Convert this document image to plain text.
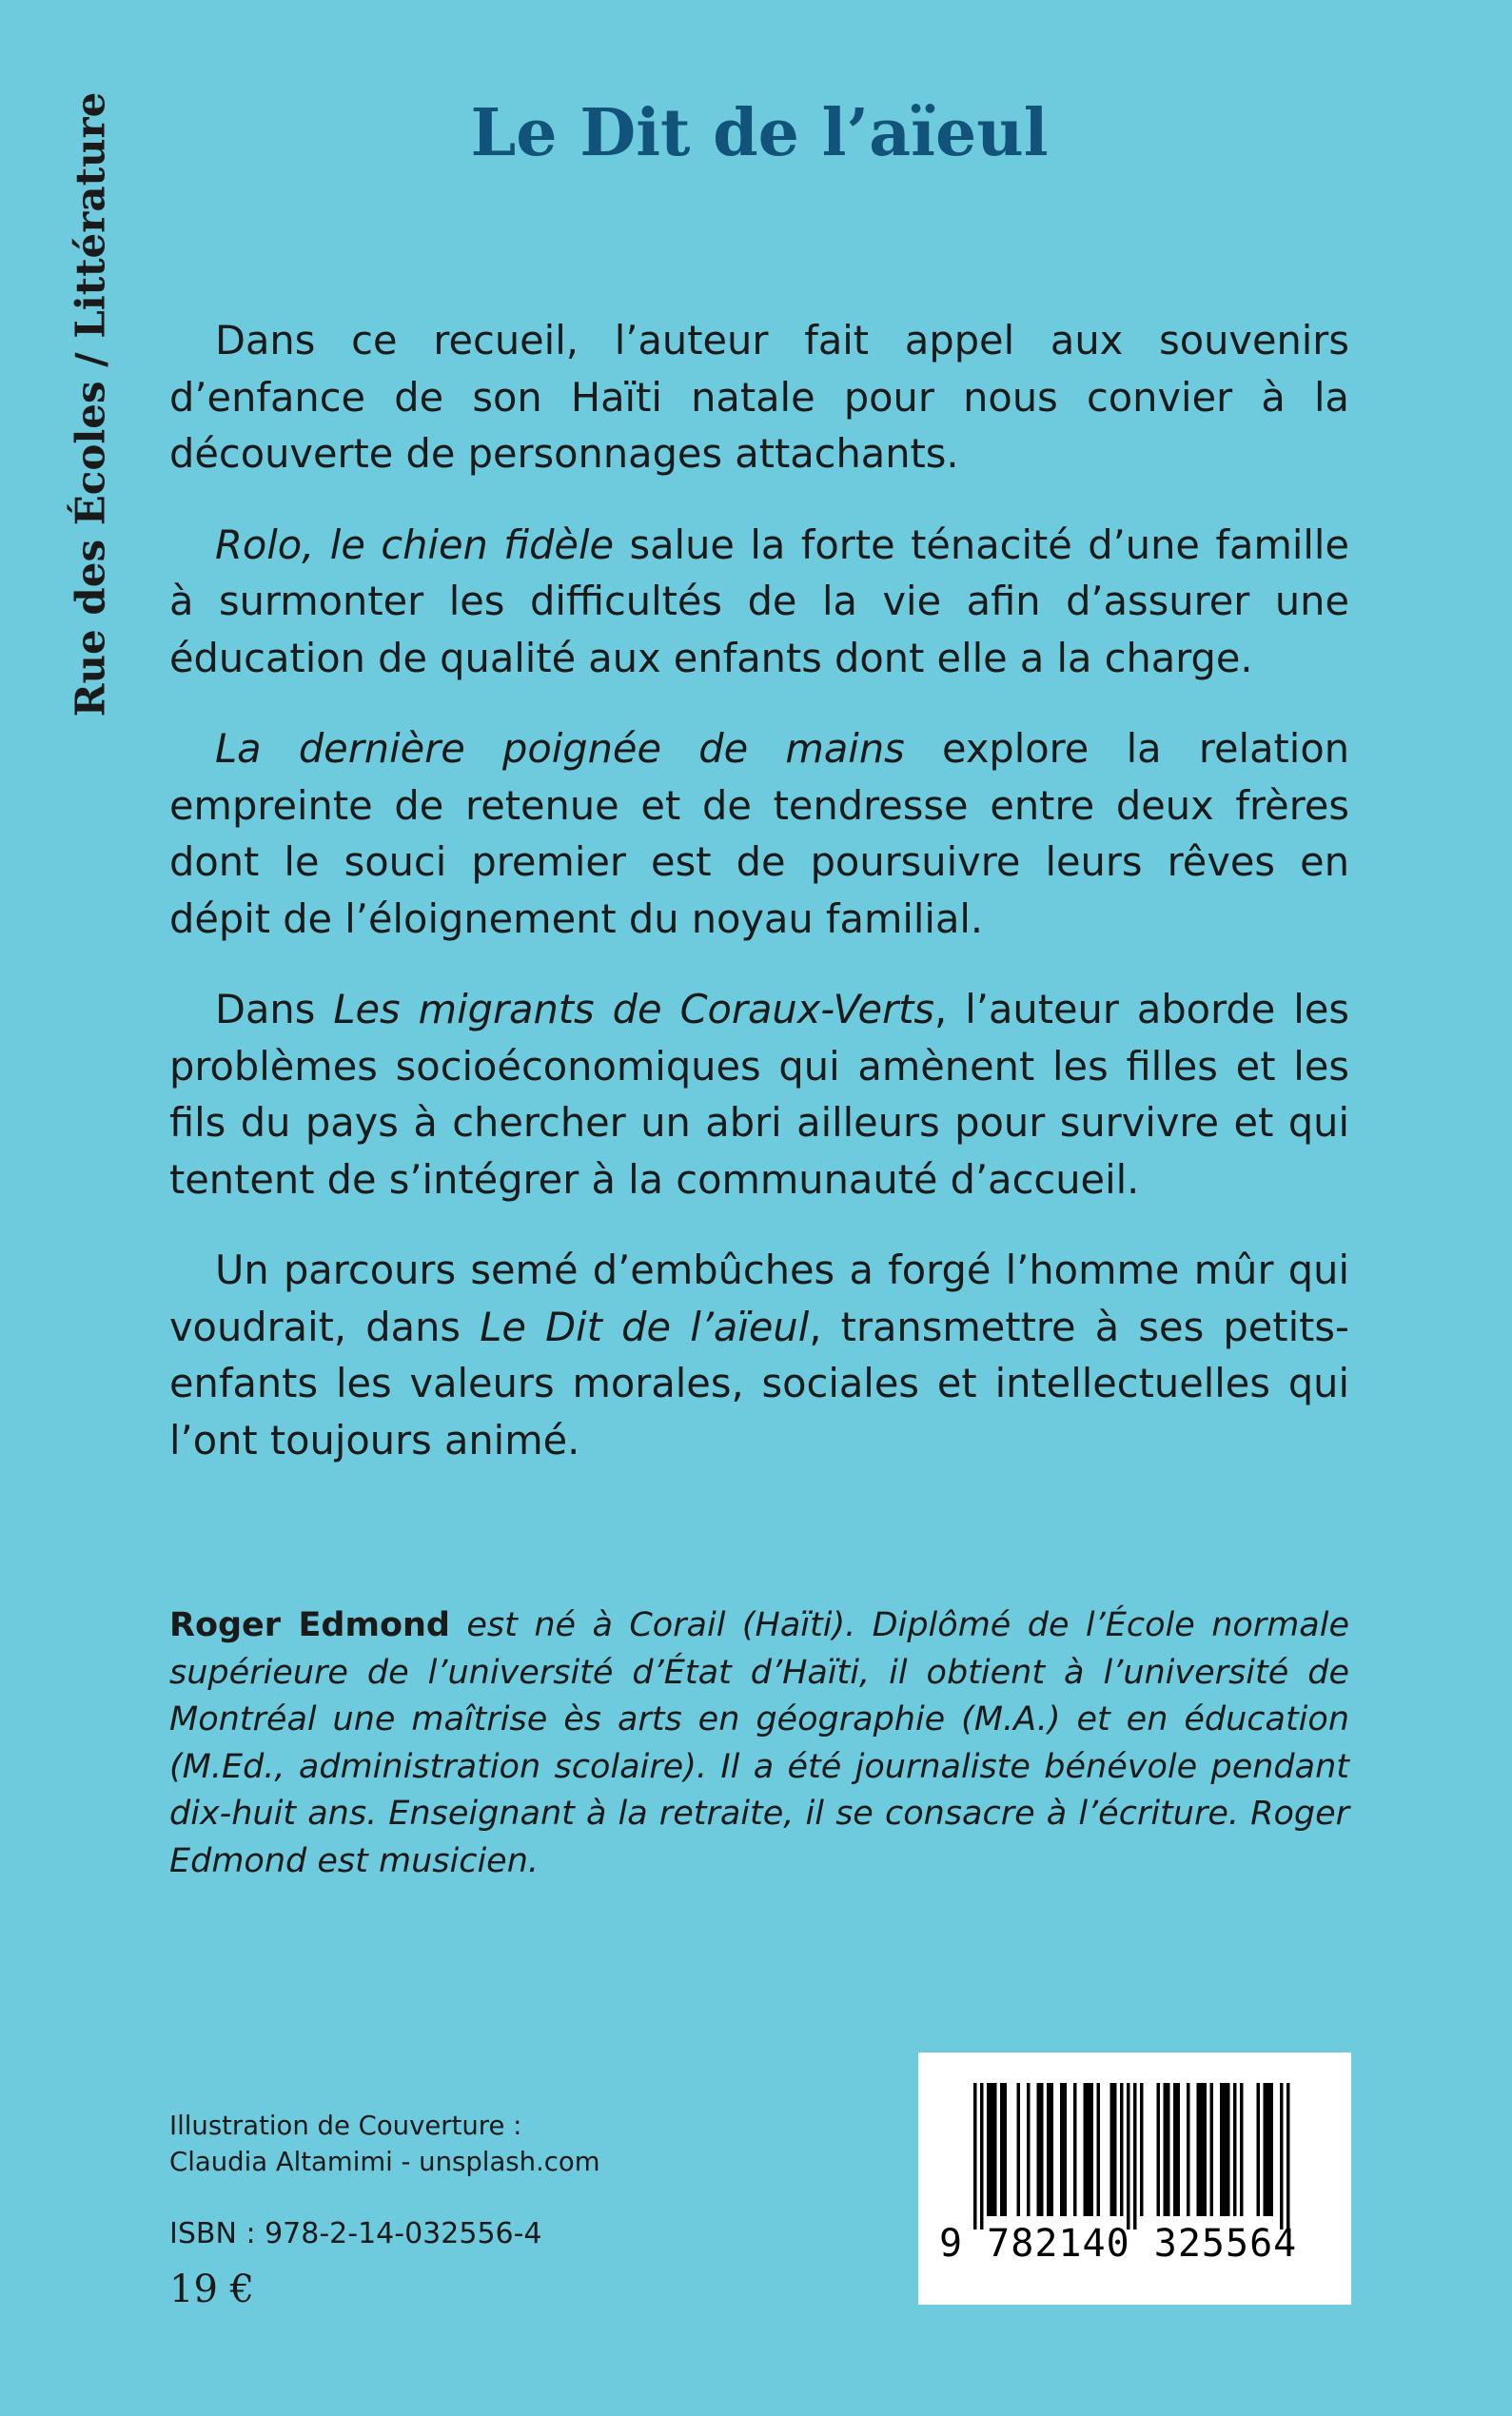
Rue des Écoles / Littérature	Le Dit de l’aïeul

Dans ce recueil, l’auteur fait appel aux souvenirs d’enfance de son Haïti natale pour nous convier à la découverte de personnages attachants.

Rolo, le chien fidèle salue la forte ténacité d’une famille à surmonter les difficultés de la vie afin d’assurer une éducation de qualité aux enfants dont elle a la charge.

La dernière poignée de mains explore la relation empreinte de retenue et de tendresse entre deux frères dont le souci premier est de poursuivre leurs rêves en dépit de l’éloignement du noyau familial.

Dans Les migrants de Coraux-Verts, l’auteur aborde les problèmes socioéconomiques qui amènent les filles et les fils du pays à chercher un abri ailleurs pour survivre et qui tentent de s’intégrer à la communauté d’accueil.

Un parcours semé d’embûches a forgé l’homme mûr qui voudrait, dans Le Dit de l’aïeul, transmettre à ses petits-enfants les valeurs morales, sociales et intellectuelles qui l’ont toujours animé.

Roger Edmond est né à Corail (Haïti). Diplômé de l’École normale supérieure de l’université d’État d’Haïti, il obtient à l’université de Montréal une maîtrise ès arts en géographie (M.A.) et en éducation (M.Ed., administration scolaire). Il a été journaliste bénévole pendant dix-huit ans. Enseignant à la retraite, il se consacre à l’écriture. Roger Edmond est musicien.

Illustration de Couverture :
Claudia Altamimi - unsplash.com
ISBN : 978-2-14-032556-4
19 €
9 782140 325564
